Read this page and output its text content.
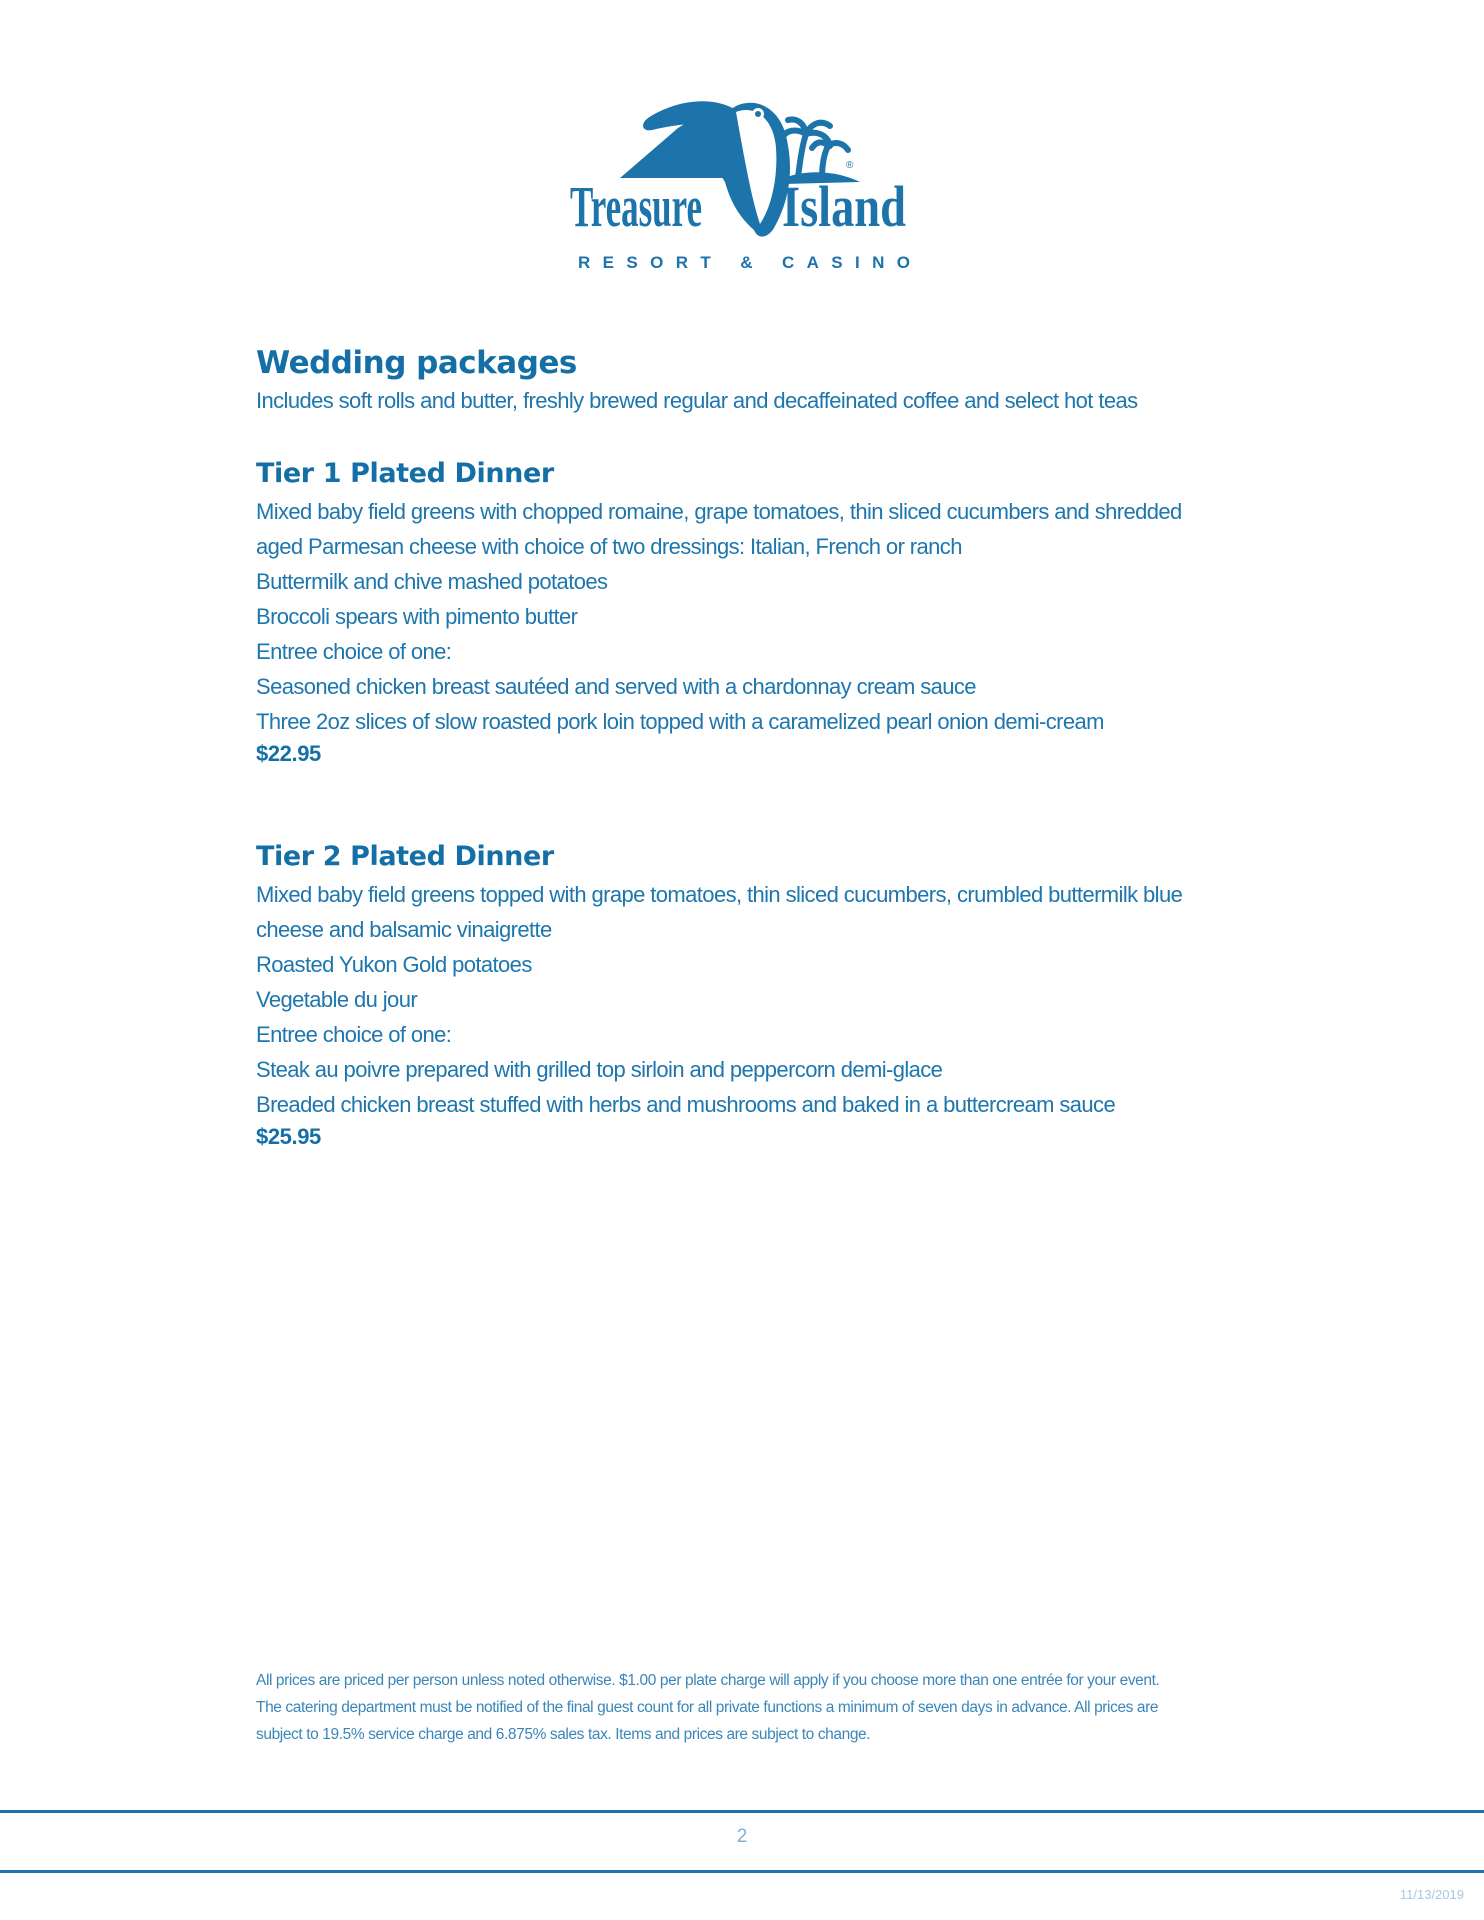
Treasure Island
®
RESORT & CASINO
Wedding packages

Includes soft rolls and butter, freshly brewed regular and decaffeinated coffee and select hot teas

Tier 1 Plated Dinner
Mixed baby field greens with chopped romaine, grape tomatoes, thin sliced cucumbers and shredded
aged Parmesan cheese with choice of two dressings: Italian, French or ranch
Buttermilk and chive mashed potatoes
Broccoli spears with pimento butter
Entree choice of one:
Seasoned chicken breast sautéed and served with a chardonnay cream sauce
Three 2oz slices of slow roasted pork loin topped with a caramelized pearl onion demi-cream
$22.95
Tier 2 Plated Dinner
Mixed baby field greens topped with grape tomatoes, thin sliced cucumbers, crumbled buttermilk blue
cheese and balsamic vinaigrette
Roasted Yukon Gold potatoes
Vegetable du jour
Entree choice of one:
Steak au poivre prepared with grilled top sirloin and peppercorn demi-glace
Breaded chicken breast stuffed with herbs and mushrooms and baked in a buttercream sauce
$25.95
All prices are priced per person unless noted otherwise. $1.00 per plate charge will apply if you choose more than one entrée for your event.
The catering department must be notified of the final guest count for all private functions a minimum of seven days in advance. All prices are
subject to 19.5% service charge and 6.875% sales tax. Items and prices are subject to change.
2
11/13/2019
